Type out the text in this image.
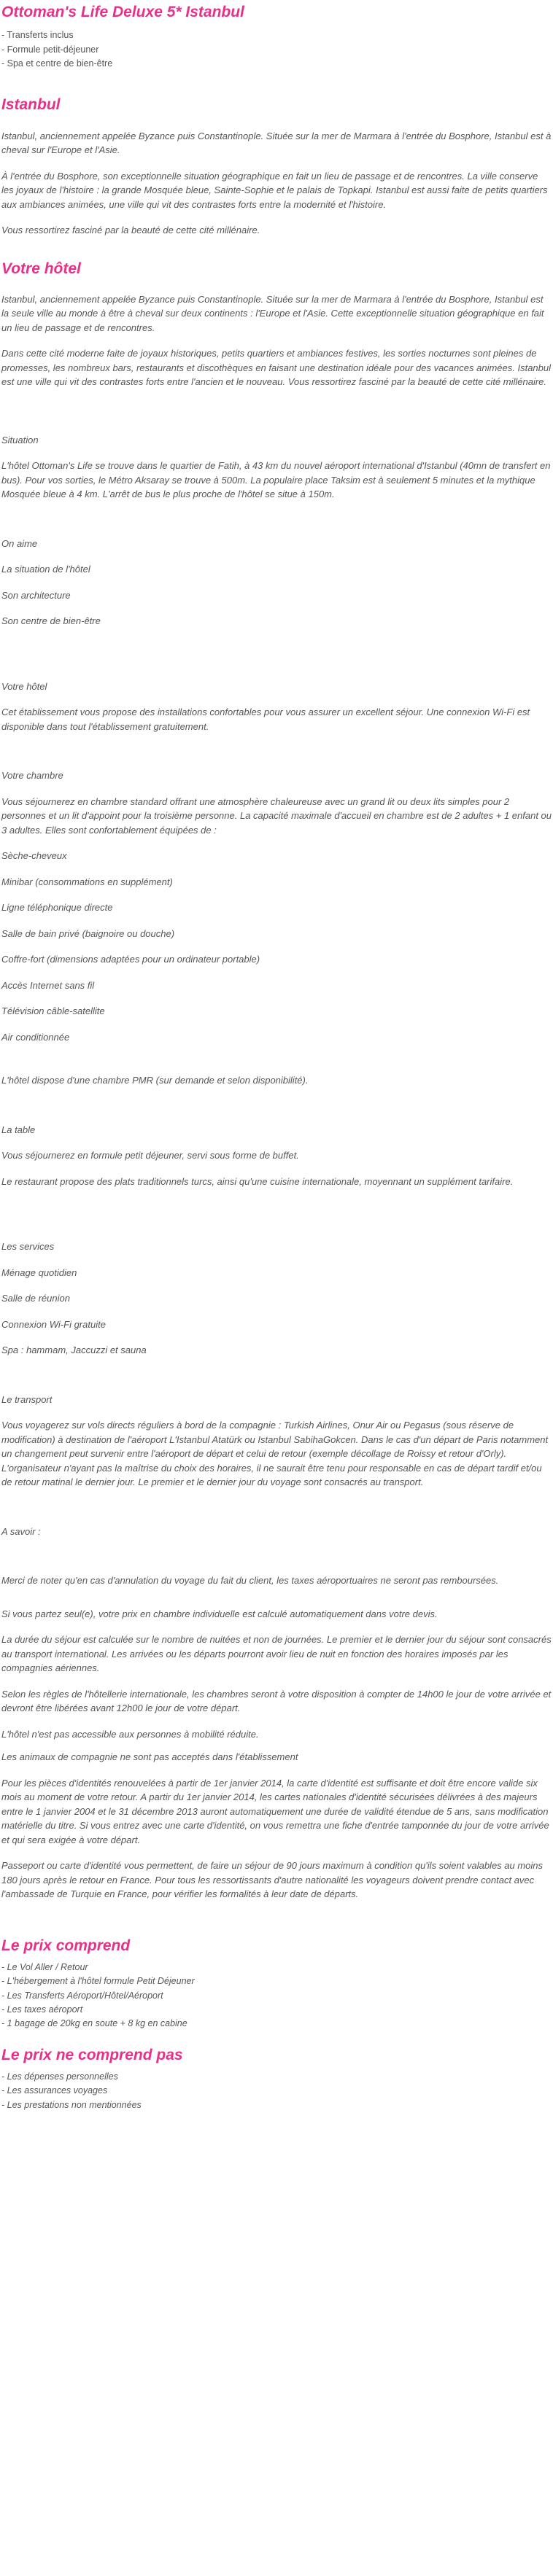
Ottoman's Life Deluxe 5* Istanbul

- Transferts inclus

- Formule petit-déjeuner

- Spa et centre de bien-être

Istanbul

Istanbul, anciennement appelée Byzance puis Constantinople. Située sur la mer de Marmara à l'entrée du Bosphore, Istanbul est à cheval sur l'Europe et l'Asie.

À l'entrée du Bosphore, son exceptionnelle situation géographique en fait un lieu de passage et de rencontres. La ville conserve les joyaux de l'histoire : la grande Mosquée bleue, Sainte-Sophie et le palais de Topkapi. Istanbul est aussi faite de petits quartiers aux ambiances animées, une ville qui vit des contrastes forts entre la modernité et l'histoire.

Vous ressortirez fasciné par la beauté de cette cité millénaire.

Votre hôtel

Istanbul, anciennement appelée Byzance puis Constantinople. Située sur la mer de Marmara à l'entrée du Bosphore, Istanbul est la seule ville au monde à être à cheval sur deux continents : l'Europe et l'Asie. Cette exceptionnelle situation géographique en fait un lieu de passage et de rencontres.

Dans cette cité moderne faite de joyaux historiques, petits quartiers et ambiances festives, les sorties nocturnes sont pleines de promesses, les nombreux bars, restaurants et discothèques en faisant une destination idéale pour des vacances animées. Istanbul est une ville qui vit des contrastes forts entre l'ancien et le nouveau. Vous ressortirez fasciné par la beauté de cette cité millénaire.

Situation

L'hôtel Ottoman's Life se trouve dans le quartier de Fatih, à 43 km du nouvel aéroport international d'Istanbul (40mn de transfert en bus). Pour vos sorties, le Métro Aksaray se trouve à 500m. La populaire place Taksim est à seulement 5 minutes et la mythique Mosquée bleue à 4 km. L'arrêt de bus le plus proche de l'hôtel se situe à 150m.

On aime

La situation de l'hôtel

Son architecture

Son centre de bien-être

Votre hôtel

Cet établissement vous propose des installations confortables pour vous assurer un excellent séjour. Une connexion Wi-Fi est disponible dans tout l'établissement gratuitement.

Votre chambre

Vous séjournerez en chambre standard offrant une atmosphère chaleureuse avec un grand lit ou deux lits simples pour 2 personnes et un lit d'appoint pour la troisième personne. La capacité maximale d'accueil en chambre est de 2 adultes + 1 enfant ou 3 adultes. Elles sont confortablement équipées de :

Sèche-cheveux

Minibar (consommations en supplément)

Ligne téléphonique directe

Salle de bain privé (baignoire ou douche)

Coffre-fort (dimensions adaptées pour un ordinateur portable)

Accès Internet sans fil

Télévision câble-satellite

Air conditionnée

L'hôtel dispose d'une chambre PMR (sur demande et selon disponibilité).

La table

Vous séjournerez en formule petit déjeuner, servi sous forme de buffet.

Le restaurant propose des plats traditionnels turcs, ainsi qu'une cuisine internationale, moyennant un supplément tarifaire.

Les services

Ménage quotidien

Salle de réunion

Connexion Wi-Fi gratuite

Spa : hammam, Jaccuzzi et sauna

Le transport

Vous voyagerez sur vols directs réguliers à bord de la compagnie : Turkish Airlines, Onur Air ou Pegasus (sous réserve de modification) à destination de l'aéroport L'Istanbul Atatürk ou Istanbul SabihaGokcen. Dans le cas d'un départ de Paris notamment un changement peut survenir entre l'aéroport de départ et celui de retour (exemple décollage de Roissy et retour d'Orly). L'organisateur n'ayant pas la maîtrise du choix des horaires, il ne saurait être tenu pour responsable en cas de départ tardif et/ou de retour matinal le dernier jour. Le premier et le dernier jour du voyage sont consacrés au transport.

A savoir :

Merci de noter qu'en cas d'annulation du voyage du fait du client, les taxes aéroportuaires ne seront pas remboursées.

Si vous partez seul(e), votre prix en chambre individuelle est calculé automatiquement dans votre devis.

La durée du séjour est calculée sur le nombre de nuitées et non de journées. Le premier et le dernier jour du séjour sont consacrés au transport international. Les arrivées ou les départs pourront avoir lieu de nuit en fonction des horaires imposés par les compagnies aériennes.

Selon les règles de l'hôtellerie internationale, les chambres seront à votre disposition à compter de 14h00 le jour de votre arrivée et devront être libérées avant 12h00 le jour de votre départ.

L'hôtel n'est pas accessible aux personnes à mobilité réduite.

Les animaux de compagnie ne sont pas acceptés dans l'établissement

Pour les pièces d'identités renouvelées à partir de 1er janvier 2014, la carte d'identité est suffisante et doit être encore valide six mois au moment de votre retour. A partir du 1er janvier 2014, les cartes nationales d'identité sécurisées délivrées à des majeurs entre le 1 janvier 2004 et le 31 décembre 2013 auront automatiquement une durée de validité étendue de 5 ans, sans modification matérielle du titre. Si vous entrez avec une carte d'identité, on vous remettra une fiche d'entrée tamponnée du jour de votre arrivée et qui sera exigée à votre départ.

Passeport ou carte d'identité vous permettent, de faire un séjour de 90 jours maximum à condition qu'ils soient valables au moins 180 jours après le retour en France. Pour tous les ressortissants d'autre nationalité les voyageurs doivent prendre contact avec l'ambassade de Turquie en France, pour vérifier les formalités à leur date de départs.

Le prix comprend

- Le Vol Aller / Retour

- L'hébergement à l'hôtel formule Petit Déjeuner

- Les Transferts Aéroport/Hôtel/Aéroport

- Les taxes aéroport

- 1 bagage de 20kg en soute + 8 kg en cabine

Le prix ne comprend pas

- Les dépenses personnelles

- Les assurances voyages

- Les prestations non mentionnées
